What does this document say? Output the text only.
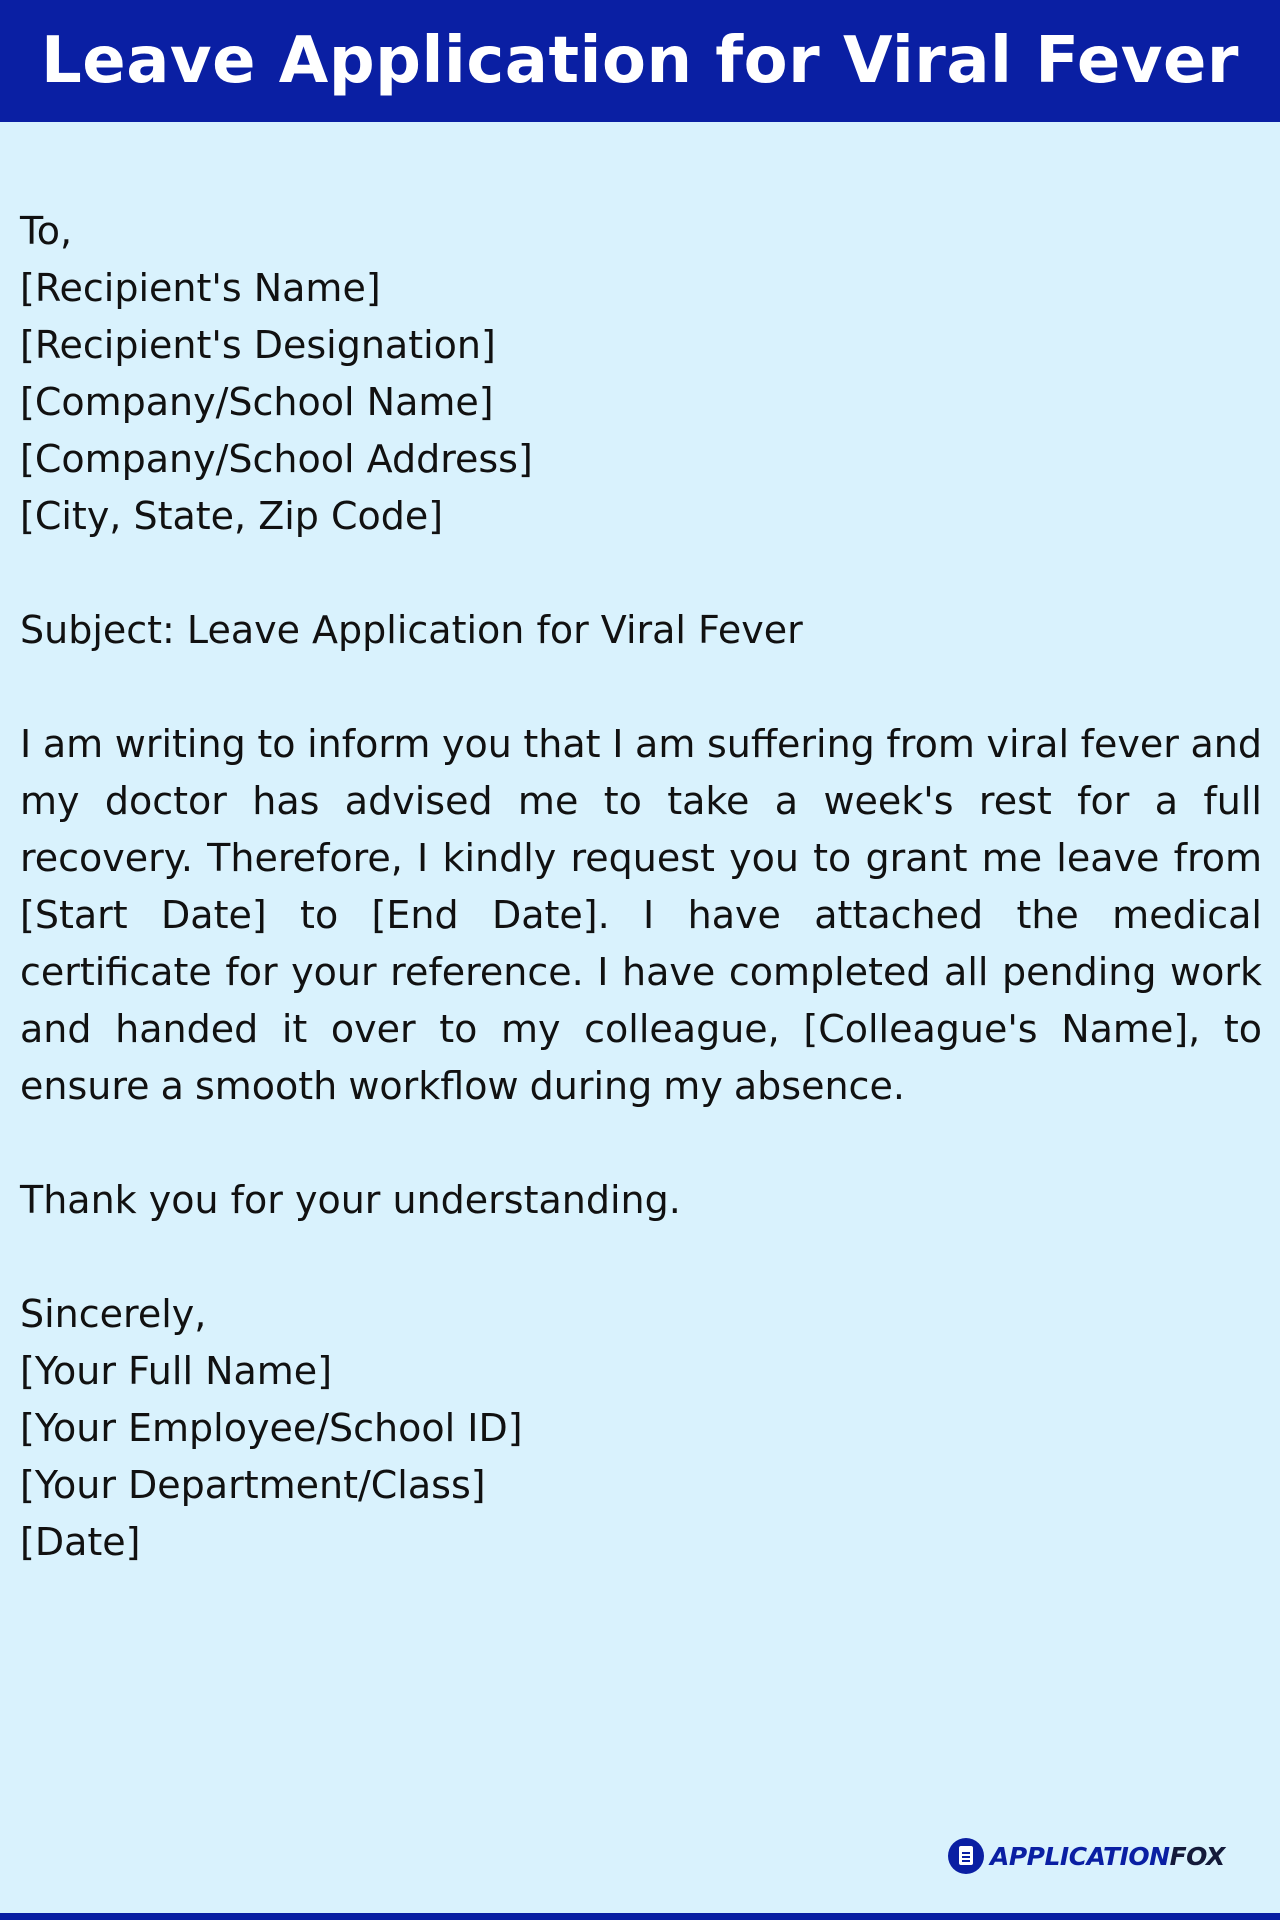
Leave Application for Viral Fever
To,
[Recipient's Name]
[Recipient's Designation]
[Company/School Name]
[Company/School Address]
[City, State, Zip Code]
Subject: Leave Application for Viral Fever
I am writing to inform you that I am suffering from viral fever and my doctor has advised me to take a week's rest for a full recovery. Therefore, I kindly request you to grant me leave from [Start Date] to [End Date]. I have attached the medical certificate for your reference. I have completed all pending work and handed it over to my colleague, [Colleague's Name], to ensure a smooth workflow during my absence.
Thank you for your understanding.
Sincerely,
[Your Full Name]
[Your Employee/School ID]
[Your Department/Class]
[Date]
APPLICATIONFOX
